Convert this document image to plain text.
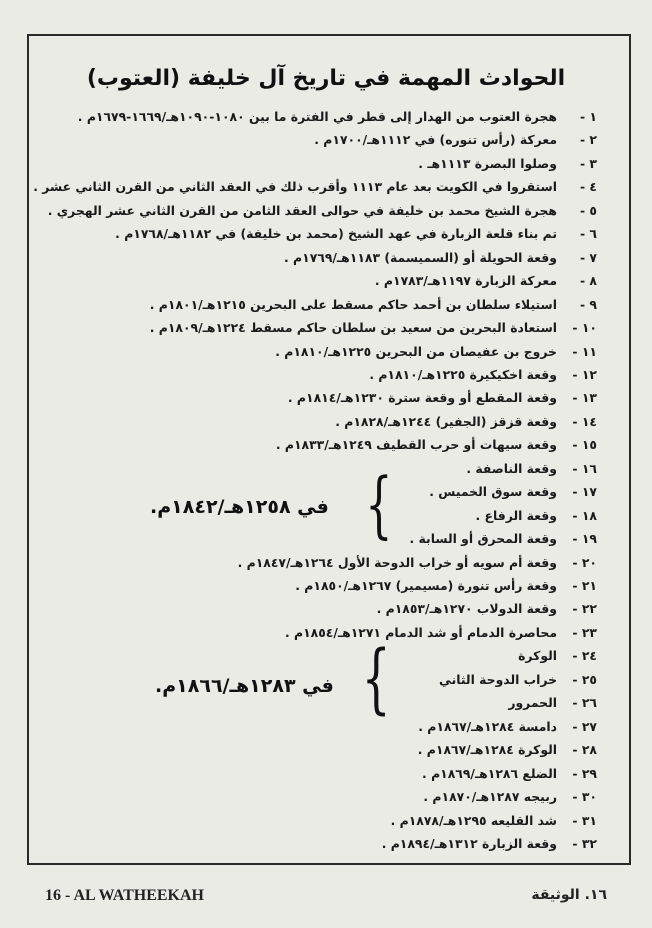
الحوادث المهمة في تاريخ آل خليفة (العتوب)
١ -هجرة العتوب من الهدار إلى قطر في الفترة ما بين ١٠٨٠-١٠٩٠هـ/١٦٦٩-١٦٧٩م .
٢ -معركة (رأس تنوره) في ١١١٢هـ/١٧٠٠م .
٣ -وصلوا البصرة ١١١٣هـ .
٤ -استقروا في الكويت بعد عام ١١١٣ وأقرب ذلك في العقد الثاني من القرن الثاني عشر .
٥ -هجرة الشيخ محمد بن خليفة في حوالى العقد الثامن من القرن الثاني عشر الهجري .
٦ -تم بناء قلعة الزبارة في عهد الشيخ (محمد بن خليفة) في ١١٨٢هـ/١٧٦٨م .
٧ -وقعة الحويلة أو (السميسمة) ١١٨٣هـ/١٧٦٩م .
٨ -معركة الزبارة ١١٩٧هـ/١٧٨٣م .
٩ -استيلاء سلطان بن أحمد حاكم مسقط على البحرين ١٢١٥هـ/١٨٠١م .
١٠ -استعادة البحرين من سعيد بن سلطان حاكم مسقط ١٢٢٤هـ/١٨٠٩م .
١١ -خروج بن عفيصان من البحرين ١٢٢٥هـ/١٨١٠م .
١٢ -وقعة اخكيكيرة ١٢٢٥هـ/١٨١٠م .
١٣ -وقعة المقطع أو وقعة سترة ١٢٣٠هـ/١٨١٤م .
١٤ -وقعة قزقز (الجفير) ١٢٤٤هـ/١٨٢٨م .
١٥ -وقعة سيهات أو حرب القطيف ١٢٤٩هـ/١٨٣٣م .
١٦ -وقعة الناصفة .
١٧ -وقعة سوق الخميس .
١٨ -وقعة الرفاع .
١٩ -وقعة المحرق أو السابة .
٢٠ -وقعة أم سويه أو خراب الدوحة الأول ١٢٦٤هـ/١٨٤٧م .
٢١ -وقعة رأس تنورة (مسيمير) ١٢٦٧هـ/١٨٥٠م .
٢٢ -وقعة الدولاب ١٢٧٠هـ/١٨٥٣م .
٢٣ -محاصرة الدمام أو شد الدمام ١٢٧١هـ/١٨٥٤م .
٢٤ -الوكرة
٢٥ -خراب الدوحة الثاني
٢٦ -الحمرور
٢٧ -دامسة ١٢٨٤هـ/١٨٦٧م .
٢٨ -الوكرة ١٢٨٤هـ/١٨٦٧م .
٢٩ -الضلع ١٢٨٦هـ/١٨٦٩م .
٣٠ -ربيجه ١٢٨٧هـ/١٨٧٠م .
٣١ -شد القليعه ١٢٩٥هـ/١٨٧٨م .
٣٢ -وقعة الزبارة ١٣١٢هـ/١٨٩٤م .
{
في ١٢٥٨هـ/١٨٤٢م.
{
في ١٢٨٣هـ/١٨٦٦م.
16 - AL WATHEEKAH	١٦. الوثيقة
